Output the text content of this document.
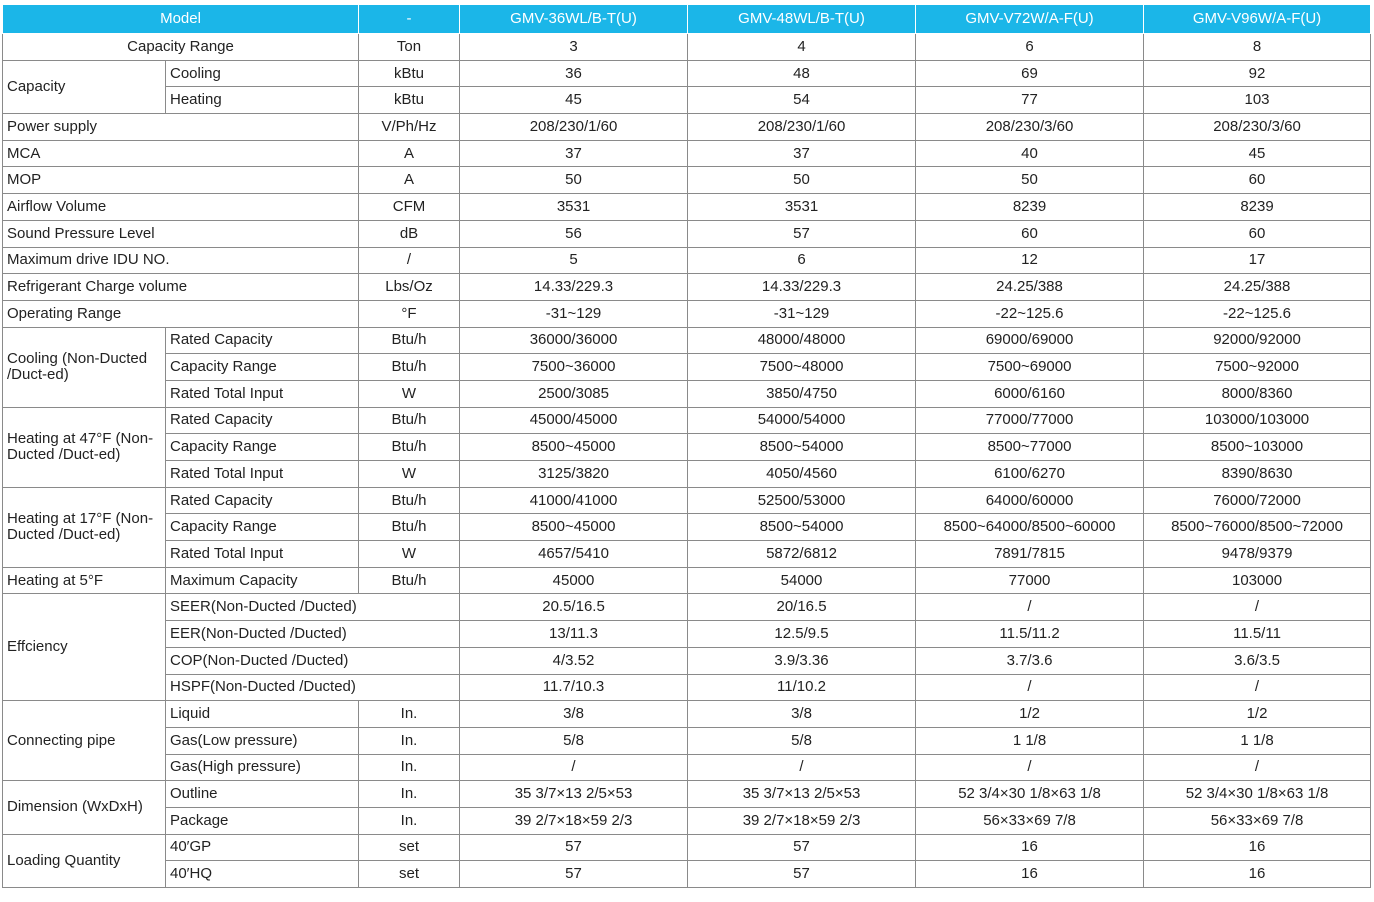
Model		-	GMV-36WL/B-T(U)	GMV-48WL/B-T(U)	GMV-V72W/A-F(U)	GMV-V96W/A-F(U)
Capacity Range		Ton	3	4	6	8
Capacity	Cooling	kBtu	36	48	69	92
	Heating	kBtu	45	54	77	103
Power supply		V/Ph/Hz	208/230/1/60	208/230/1/60	208/230/3/60	208/230/3/60
MCA		A	37	37	40	45
MOP		A	50	50	50	60
Airflow Volume		CFM	3531	3531	8239	8239
Sound Pressure Level		dB	56	57	60	60
Maximum drive IDU NO.		/	5	6	12	17
Refrigerant Charge volume		Lbs/Oz	14.33/229.3	14.33/229.3	24.25/388	24.25/388
Operating Range		°F	-31~129	-31~129	-22~125.6	-22~125.6
Cooling (Non-Ducted /Duct-ed)	Rated Capacity	Btu/h	36000/36000	48000/48000	69000/69000	92000/92000
	Capacity Range	Btu/h	7500~36000	7500~48000	7500~69000	7500~92000
	Rated Total Input	W	2500/3085	3850/4750	6000/6160	8000/8360
Heating at 47°F (Non-Ducted /Duct-ed)	Rated Capacity	Btu/h	45000/45000	54000/54000	77000/77000	103000/103000
	Capacity Range	Btu/h	8500~45000	8500~54000	8500~77000	8500~103000
	Rated Total Input	W	3125/3820	4050/4560	6100/6270	8390/8630
Heating at 17°F (Non-Ducted /Duct-ed)	Rated Capacity	Btu/h	41000/41000	52500/53000	64000/60000	76000/72000
	Capacity Range	Btu/h	8500~45000	8500~54000	8500~64000/8500~60000	8500~76000/8500~72000
	Rated Total Input	W	4657/5410	5872/6812	7891/7815	9478/9379
Heating at 5°F	Maximum Capacity	Btu/h	45000	54000	77000	103000
Effciency	SEER(Non-Ducted /Ducted)		20.5/16.5	20/16.5	/	/
	EER(Non-Ducted /Ducted)		13/11.3	12.5/9.5	11.5/11.2	11.5/11
	COP(Non-Ducted /Ducted)		4/3.52	3.9/3.36	3.7/3.6	3.6/3.5
	HSPF(Non-Ducted /Ducted)		11.7/10.3	11/10.2	/	/
Connecting pipe	Liquid	In.	3/8	3/8	1/2	1/2
	Gas(Low pressure)	In.	5/8	5/8	1 1/8	1 1/8
	Gas(High pressure)	In.	/	/	/	/
Dimension (WxDxH)	Outline	In.	35 3/7×13 2/5×53	35 3/7×13 2/5×53	52 3/4×30 1/8×63 1/8	52 3/4×30 1/8×63 1/8
	Package	In.	39 2/7×18×59 2/3	39 2/7×18×59 2/3	56×33×69 7/8	56×33×69 7/8
Loading Quantity	40′GP	set	57	57	16	16
	40′HQ	set	57	57	16	16
